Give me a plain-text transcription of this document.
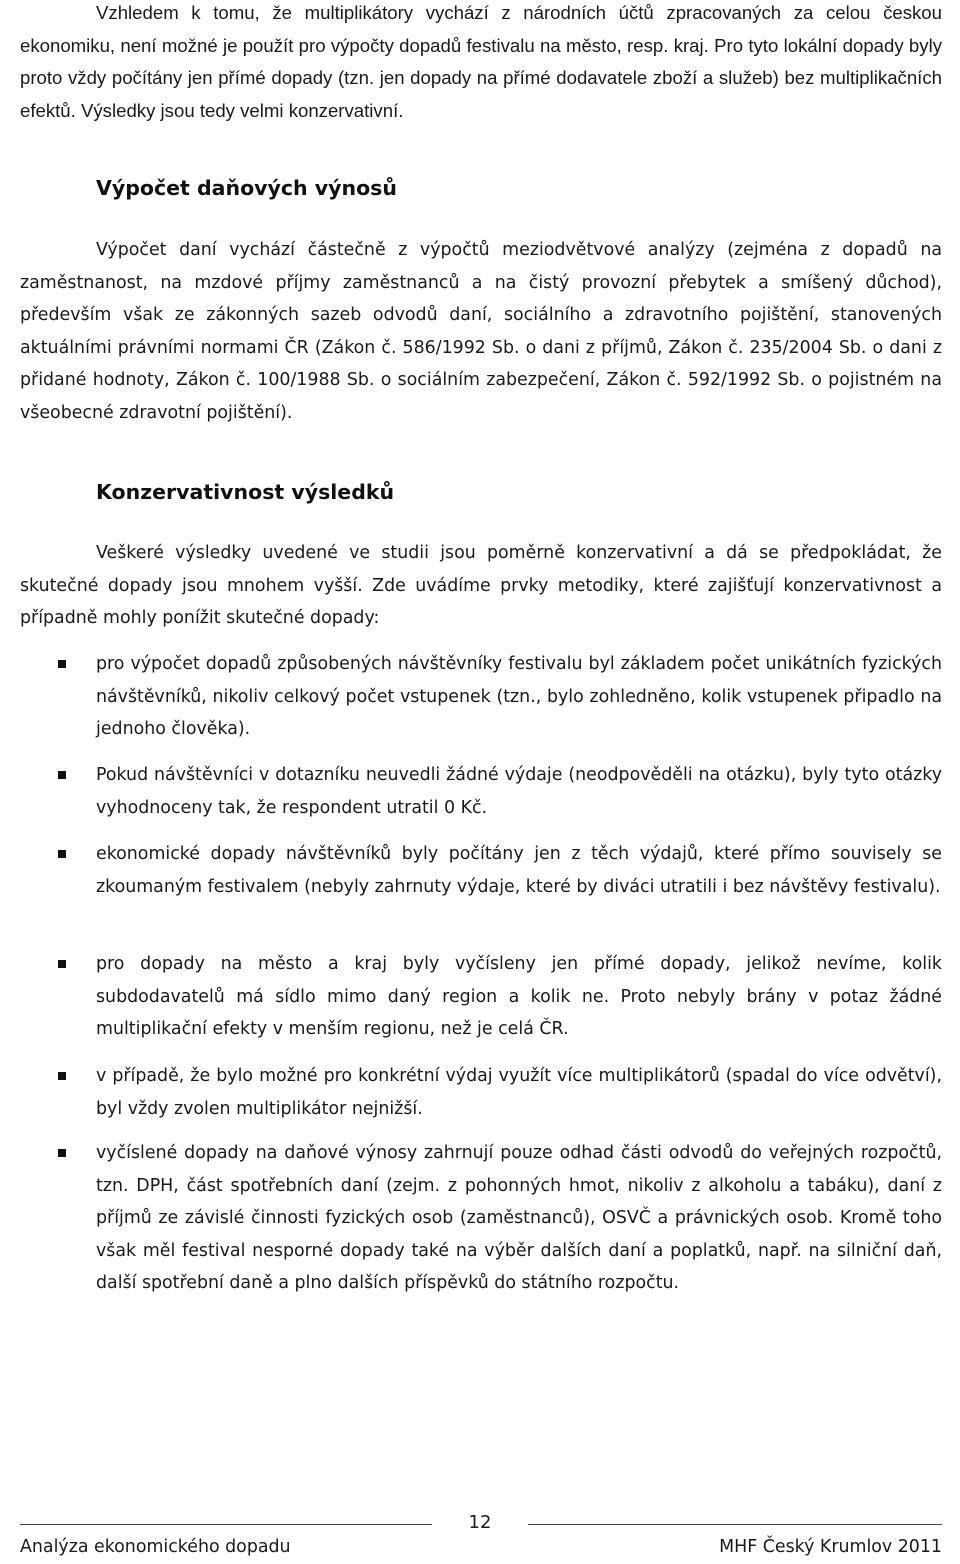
Vzhledem k tomu, že multiplikátory vychází z národních účtů zpracovaných za celou českou ekonomiku, není možné je použít pro výpočty dopadů festivalu na město, resp. kraj. Pro tyto lokální dopady byly proto vždy počítány jen přímé dopady (tzn. jen dopady na přímé dodavatele zboží a služeb) bez multiplikačních efektů. Výsledky jsou tedy velmi konzervativní.

Výpočet daňových výnosů

Výpočet daní vychází částečně z výpočtů meziodvětvové analýzy (zejména z dopadů na zaměstnanost, na mzdové příjmy zaměstnanců a na čistý provozní přebytek a smíšený důchod), především však ze zákonných sazeb odvodů daní, sociálního a zdravotního pojištění, stanovených aktuálními právními normami ČR (Zákon č. 586/1992 Sb. o dani z příjmů, Zákon č. 235/2004 Sb. o dani z přidané hodnoty, Zákon č. 100/1988 Sb. o sociálním zabezpečení, Zákon č. 592/1992 Sb. o pojistném na všeobecné zdravotní pojištění).

Konzervativnost výsledků

Veškeré výsledky uvedené ve studii jsou poměrně konzervativní a dá se předpokládat, že skutečné dopady jsou mnohem vyšší. Zde uvádíme prvky metodiky, které zajišťují konzervativnost a případně mohly ponížit skutečné dopady:

pro výpočet dopadů způsobených návštěvníky festivalu byl základem počet unikátních fyzických návštěvníků, nikoliv celkový počet vstupenek (tzn., bylo zohledněno, kolik vstupenek připadlo na jednoho člověka).
Pokud návštěvníci v dotazníku neuvedli žádné výdaje (neodpověděli na otázku), byly tyto otázky vyhodnoceny tak, že respondent utratil 0 Kč.
ekonomické dopady návštěvníků byly počítány jen z těch výdajů, které přímo souvisely se zkoumaným festivalem (nebyly zahrnuty výdaje, které by diváci utratili i bez návštěvy festivalu).
pro dopady na město a kraj byly vyčísleny jen přímé dopady, jelikož nevíme, kolik subdodavatelů má sídlo mimo daný region a kolik ne. Proto nebyly brány v potaz žádné multiplikační efekty v menším regionu, než je celá ČR.
v případě, že bylo možné pro konkrétní výdaj využít více multiplikátorů (spadal do více odvětví), byl vždy zvolen multiplikátor nejnižší.
vyčíslené dopady na daňové výnosy zahrnují pouze odhad části odvodů do veřejných rozpočtů, tzn. DPH, část spotřebních daní (zejm. z pohonných hmot, nikoliv z alkoholu a tabáku), daní z příjmů ze závislé činnosti fyzických osob (zaměstnanců), OSVČ a právnických osob. Kromě toho však měl festival nesporné dopady také na výběr dalších daní a poplatků, např. na silniční daň, další spotřební daně a plno dalších příspěvků do státního rozpočtu.
12
Analýza ekonomického dopadu	MHF Český Krumlov 2011
